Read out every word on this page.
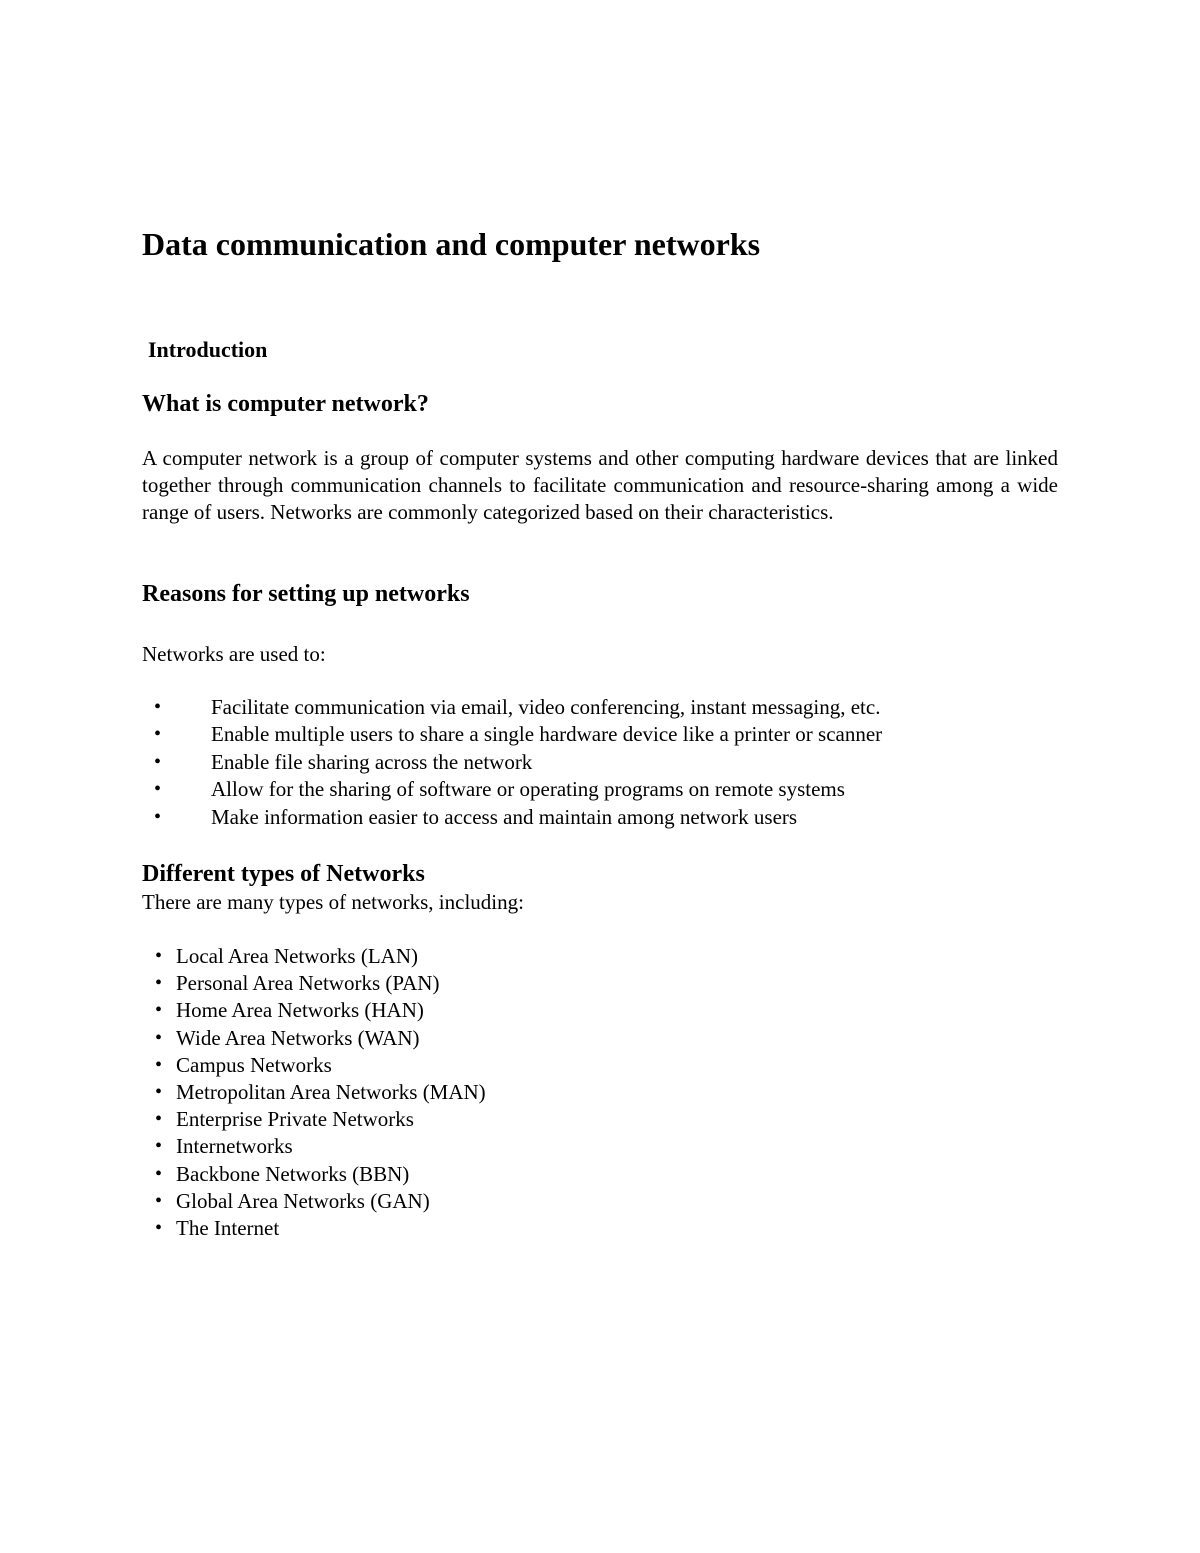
Data communication and computer networks

Introduction

What is computer network?

A computer network is a group of computer systems and other computing hardware devices that are linked together through communication channels to facilitate communication and resource-sharing among a wide range of users. Networks are commonly categorized based on their characteristics.

Reasons for setting up networks

Networks are used to:

• Facilitate communication via email, video conferencing, instant messaging, etc.
• Enable multiple users to share a single hardware device like a printer or scanner
• Enable file sharing across the network
• Allow for the sharing of software or operating programs on remote systems
• Make information easier to access and maintain among network users
Different types of Networks

There are many types of networks, including:

• Local Area Networks (LAN)
• Personal Area Networks (PAN)
• Home Area Networks (HAN)
• Wide Area Networks (WAN)
• Campus Networks
• Metropolitan Area Networks (MAN)
• Enterprise Private Networks
• Internetworks
• Backbone Networks (BBN)
• Global Area Networks (GAN)
• The Internet
